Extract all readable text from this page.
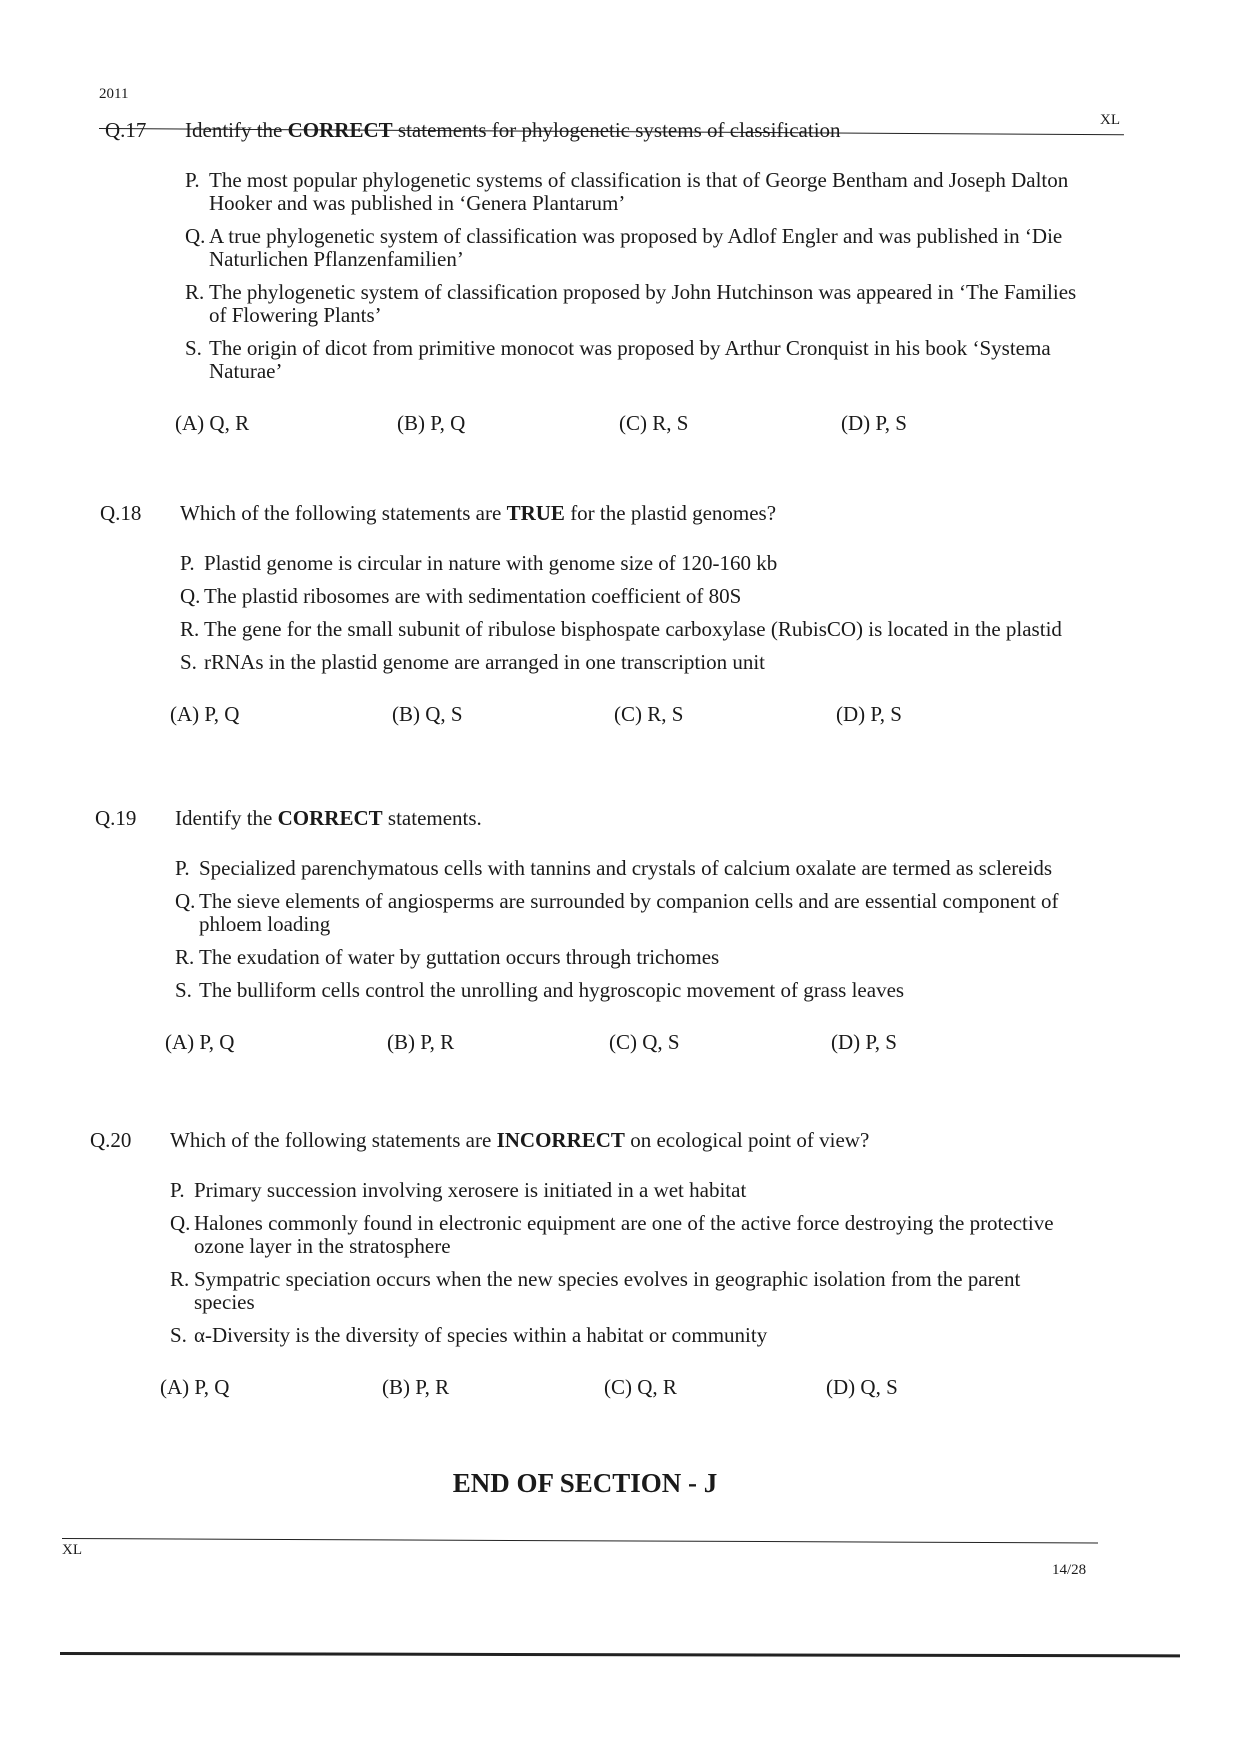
2011
XL
Q.17	Identify the CORRECT statements for phylogenetic systems of classification
P. The most popular phylogenetic systems of classification is that of George Bentham and Joseph Dalton Hooker and was published in ‘Genera Plantarum’
Q. A true phylogenetic system of classification was proposed by Adlof Engler and was published in ‘Die Naturlichen Pflanzenfamilien’
R. The phylogenetic system of classification proposed by John Hutchinson was appeared in ‘The Families of Flowering Plants’
S. The origin of dicot from primitive monocot was proposed by Arthur Cronquist in his book ‘Systema Naturae’
(A) Q, R	(B) P, Q	(C) R, S	(D) P, S
Q.18	Which of the following statements are TRUE for the plastid genomes?
P. Plastid genome is circular in nature with genome size of 120-160 kb
Q. The plastid ribosomes are with sedimentation coefficient of 80S
R. The gene for the small subunit of ribulose bisphospate carboxylase (RubisCO) is located in the plastid
S. rRNAs in the plastid genome are arranged in one transcription unit
(A) P, Q	(B) Q, S	(C) R, S	(D) P, S
Q.19	Identify the CORRECT statements.
P. Specialized parenchymatous cells with tannins and crystals of calcium oxalate are termed as sclereids
Q. The sieve elements of angiosperms are surrounded by companion cells and are essential component of phloem loading
R. The exudation of water by guttation occurs through trichomes
S. The bulliform cells control the unrolling and hygroscopic movement of grass leaves
(A) P, Q	(B) P, R	(C) Q, S	(D) P, S
Q.20	Which of the following statements are INCORRECT on ecological point of view?
P. Primary succession involving xerosere is initiated in a wet habitat
Q. Halones commonly found in electronic equipment are one of the active force destroying the protective ozone layer in the stratosphere
R. Sympatric speciation occurs when the new species evolves in geographic isolation from the parent species
S. α-Diversity is the diversity of species within a habitat or community
(A) P, Q	(B) P, R	(C) Q, R	(D) Q, S
END OF SECTION - J
XL
14/28
